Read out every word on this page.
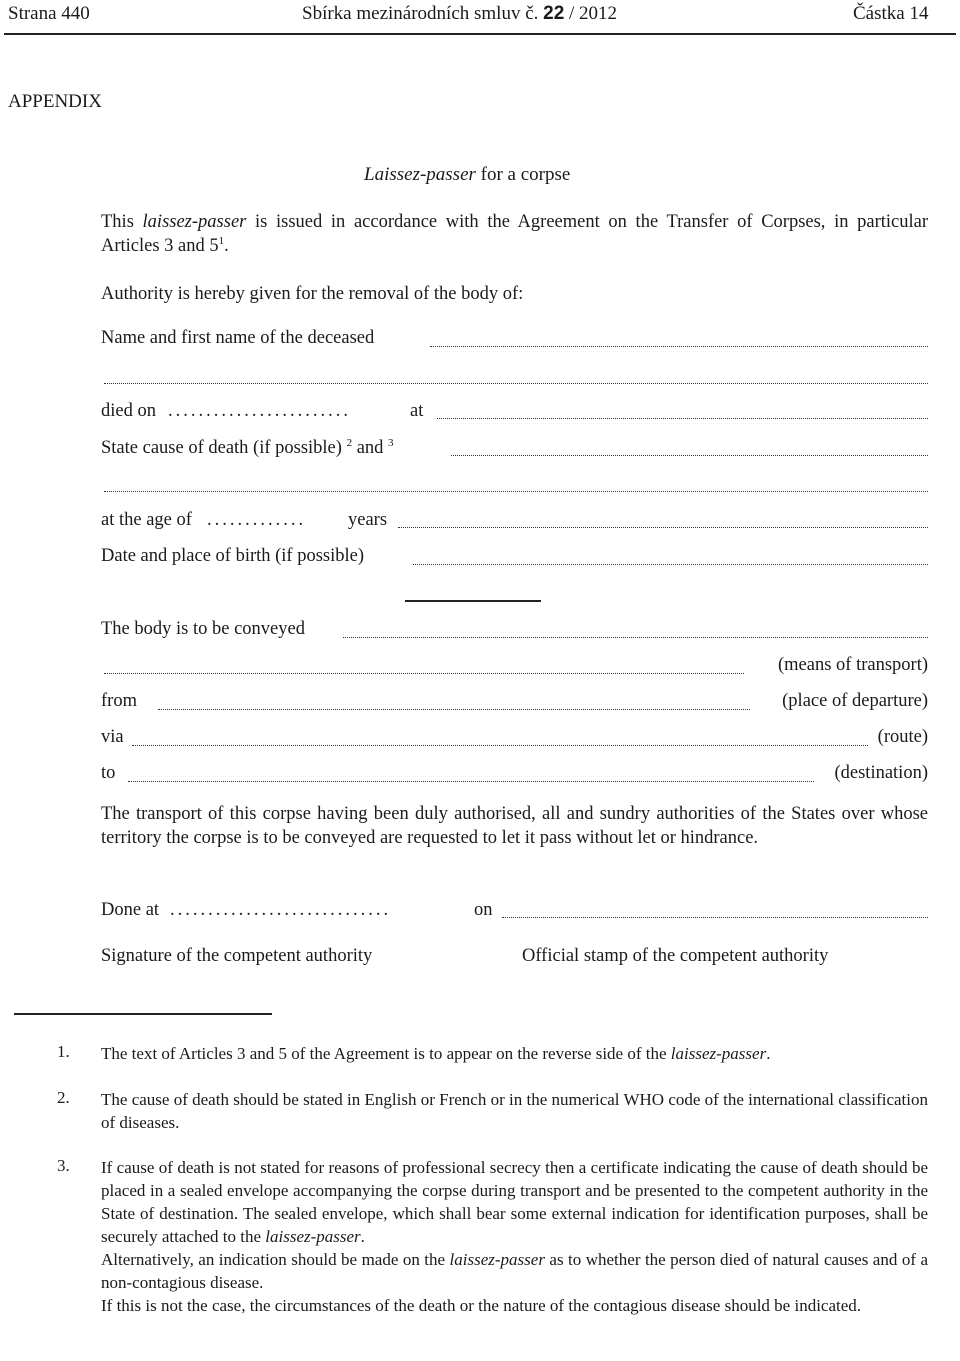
Strana 440	Sbírka mezinárodních smluv č. 22 / 2012	Částka 14
APPENDIX
Laissez-passer for a corpse
This laissez-passer is issued in accordance with the Agreement on the Transfer of Corpses, in particular Articles 3 and $5^1$.
Authority is hereby given for the removal of the body of:
Name and first name of the deceased
died on ........................	at
State cause of death (if possible) $^2$ and $^3$
at the age of ............. years
Date and place of birth (if possible)
The body is to be conveyed
(means of transport)
from	(place of departure)
via	(route)
to	(destination)
The transport of this corpse having been duly authorised, all and sundry authorities of the States over whose territory the corpse is to be conveyed are requested to let it pass without let or hindrance.
Done at .............................	on
Signature of the competent authority	Official stamp of the competent authority
1. The text of Articles 3 and 5 of the Agreement is to appear on the reverse side of the laissez-passer.
2. The cause of death should be stated in English or French or in the numerical WHO code of the international classification of diseases.
3. If cause of death is not stated for reasons of professional secrecy then a certificate indicating the cause of death should be placed in a sealed envelope accompanying the corpse during transport and be presented to the competent authority in the State of destination. The sealed envelope, which shall bear some external indication for identification purposes, shall be securely attached to the laissez-passer.
Alternatively, an indication should be made on the laissez-passer as to whether the person died of natural causes and of a non-contagious disease.
If this is not the case, the circumstances of the death or the nature of the contagious disease should be indicated.
